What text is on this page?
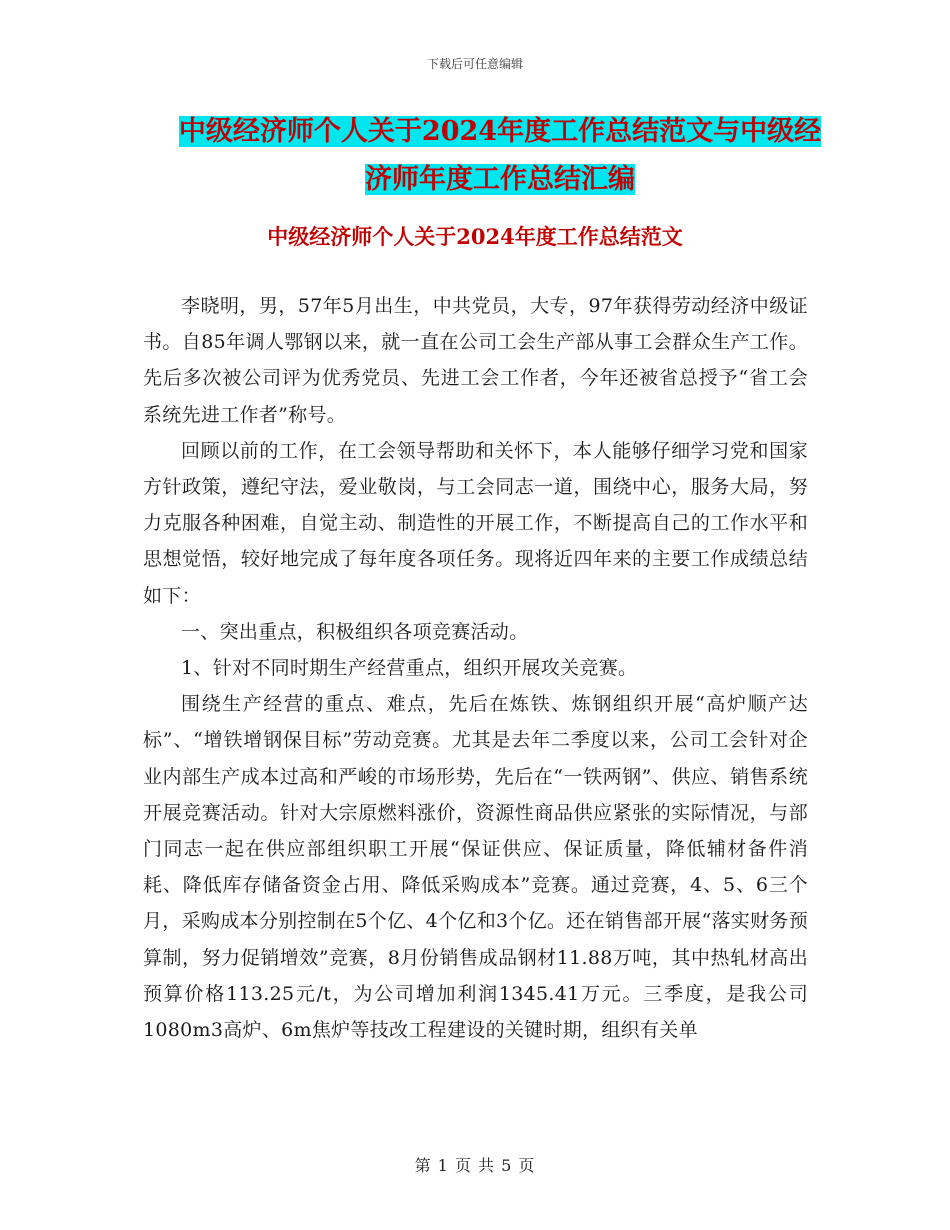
下载后可任意编辑
中级经济师个人关于2024年度工作总结范文与中级经
济师年度工作总结汇编
中级经济师个人关于2024年度工作总结范文

李晓明，男，57年5月出生，中共党员，大专，97年获得劳动经济中级证书。自85年调人鄂钢以来，就一直在公司工会生产部从事工会群众生产工作。先后多次被公司评为优秀党员、先进工会工作者，今年还被省总授予“省工会系统先进工作者”称号。

回顾以前的工作，在工会领导帮助和关怀下，本人能够仔细学习党和国家方针政策，遵纪守法，爱业敬岗，与工会同志一道，围绕中心，服务大局，努力克服各种困难，自觉主动、制造性的开展工作，不断提高自己的工作水平和思想觉悟，较好地完成了每年度各项任务。现将近四年来的主要工作成绩总结如下：

一、突出重点，积极组织各项竞赛活动。

1、针对不同时期生产经营重点，组织开展攻关竞赛。

围绕生产经营的重点、难点，先后在炼铁、炼钢组织开展“高炉顺产达标”、“增铁增钢保目标”劳动竞赛。尤其是去年二季度以来，公司工会针对企业内部生产成本过高和严峻的市场形势，先后在“一铁两钢”、供应、销售系统开展竞赛活动。针对大宗原燃料涨价，资源性商品供应紧张的实际情况，与部门同志一起在供应部组织职工开展“保证供应、保证质量，降低辅材备件消耗、降低库存储备资金占用、降低采购成本”竞赛。通过竞赛，4、5、6三个月，采购成本分别控制在5个亿、4个亿和3个亿。还在销售部开展“落实财务预算制，努力促销增效”竞赛，8月份销售成品钢材11.88万吨，其中热轧材高出预算价格113.25元/t，为公司增加利润1345.41万元。三季度，是我公司1080m3高炉、6m焦炉等技改工程建设的关键时期，组织有关单

第 1 页 共 5 页
